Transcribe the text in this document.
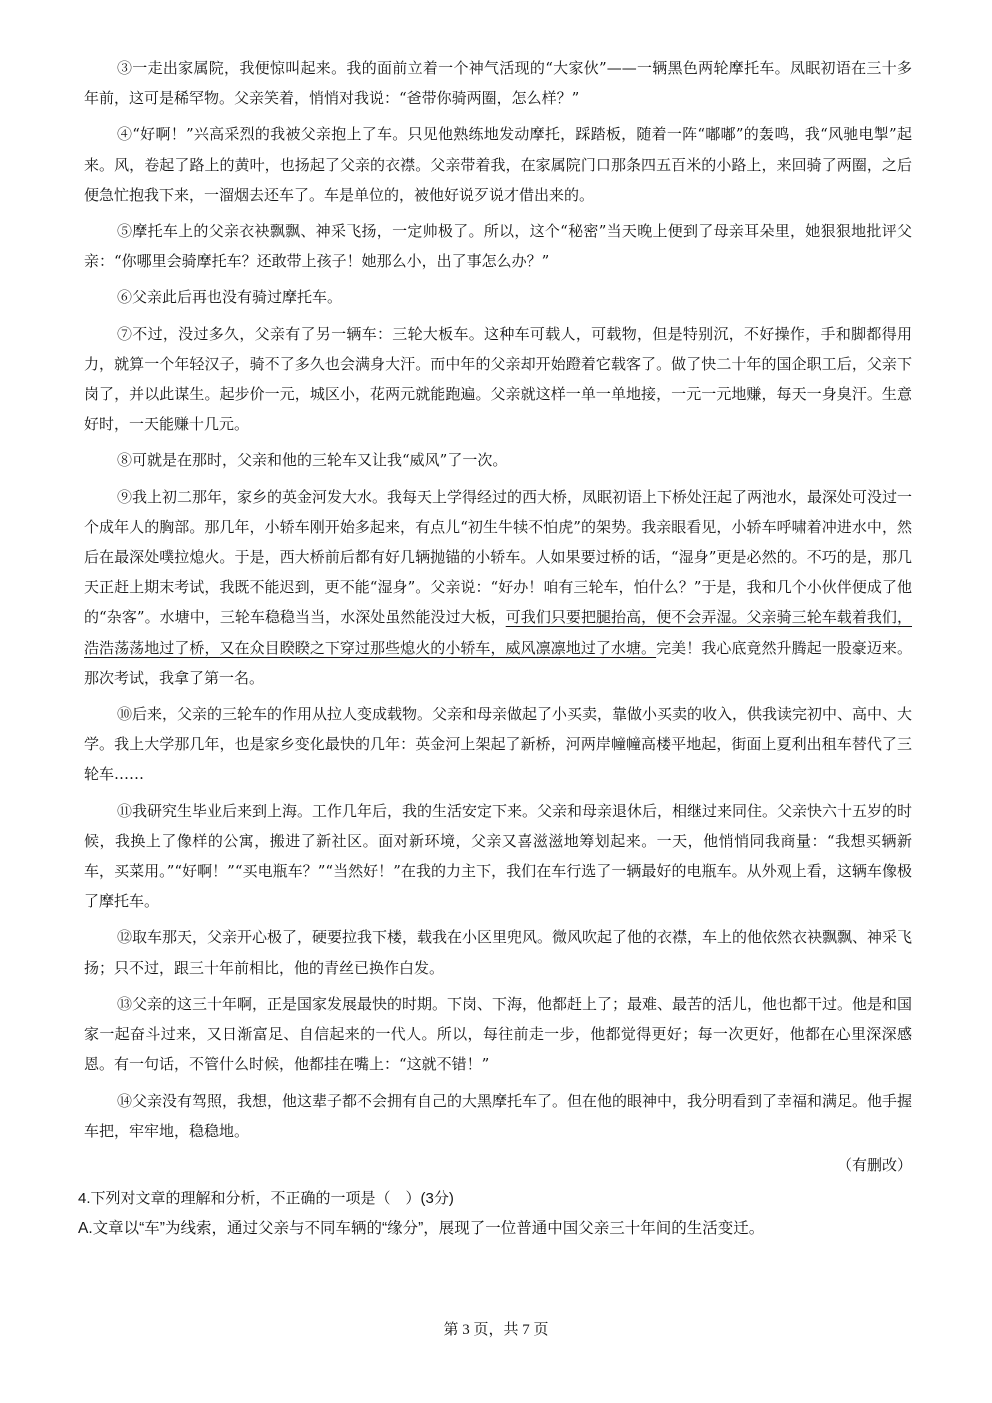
③一走出家属院，我便惊叫起来。我的面前立着一个神气活现的“大家伙”——一辆黑色两轮摩托车。凤眠初语在三十多年前，这可是稀罕物。父亲笑着，悄悄对我说：“爸带你骑两圈，怎么样？”

④“好啊！”兴高采烈的我被父亲抱上了车。只见他熟练地发动摩托，踩踏板，随着一阵“嘟嘟”的轰鸣，我“风驰电掣”起来。风，卷起了路上的黄叶，也扬起了父亲的衣襟。父亲带着我，在家属院门口那条四五百米的小路上，来回骑了两圈，之后便急忙抱我下来，一溜烟去还车了。车是单位的，被他好说歹说才借出来的。

⑤摩托车上的父亲衣袂飘飘、神采飞扬，一定帅极了。所以，这个“秘密”当天晚上便到了母亲耳朵里，她狠狠地批评父亲：“你哪里会骑摩托车？还敢带上孩子！她那么小，出了事怎么办？”

⑥父亲此后再也没有骑过摩托车。

⑦不过，没过多久，父亲有了另一辆车：三轮大板车。这种车可载人，可载物，但是特别沉，不好操作，手和脚都得用力，就算一个年轻汉子，骑不了多久也会满身大汗。而中年的父亲却开始蹬着它载客了。做了快二十年的国企职工后，父亲下岗了，并以此谋生。起步价一元，城区小，花两元就能跑遍。父亲就这样一单一单地接，一元一元地赚，每天一身臭汗。生意好时，一天能赚十几元。

⑧可就是在那时，父亲和他的三轮车又让我“威风”了一次。

⑨我上初二那年，家乡的英金河发大水。我每天上学得经过的西大桥，凤眠初语上下桥处汪起了两池水，最深处可没过一个成年人的胸部。那几年，小轿车刚开始多起来，有点儿“初生牛犊不怕虎”的架势。我亲眼看见，小轿车呼啸着冲进水中，然后在最深处噗拉熄火。于是，西大桥前后都有好几辆抛锚的小轿车。人如果要过桥的话，“湿身”更是必然的。不巧的是，那几天正赶上期末考试，我既不能迟到，更不能“湿身”。父亲说：“好办！咱有三轮车，怕什么？”于是，我和几个小伙伴便成了他的“杂客”。水塘中，三轮车稳稳当当，水深处虽然能没过大板，可我们只要把腿抬高，便不会弄湿。父亲骑三轮车载着我们，浩浩荡荡地过了桥，又在众目睽睽之下穿过那些熄火的小轿车，威风凛凛地过了水塘。完美！我心底竟然升腾起一股豪迈来。那次考试，我拿了第一名。

⑩后来，父亲的三轮车的作用从拉人变成载物。父亲和母亲做起了小买卖，靠做小买卖的收入，供我读完初中、高中、大学。我上大学那几年，也是家乡变化最快的几年：英金河上架起了新桥，河两岸幢幢高楼平地起，街面上夏利出租车替代了三轮车……

⑪我研究生毕业后来到上海。工作几年后，我的生活安定下来。父亲和母亲退休后，相继过来同住。父亲快六十五岁的时候，我换上了像样的公寓，搬进了新社区。面对新环境，父亲又喜滋滋地筹划起来。一天，他悄悄同我商量：“我想买辆新车，买菜用。”“好啊！”“买电瓶车？”“当然好！”在我的力主下，我们在车行选了一辆最好的电瓶车。从外观上看，这辆车像极了摩托车。

⑫取车那天，父亲开心极了，硬要拉我下楼，载我在小区里兜风。微风吹起了他的衣襟，车上的他依然衣袂飘飘、神采飞扬；只不过，跟三十年前相比，他的青丝已换作白发。

⑬父亲的这三十年啊，正是国家发展最快的时期。下岗、下海，他都赶上了；最难、最苦的活儿，他也都干过。他是和国家一起奋斗过来，又日渐富足、自信起来的一代人。所以，每往前走一步，他都觉得更好；每一次更好，他都在心里深深感恩。有一句话，不管什么时候，他都挂在嘴上：“这就不错！”

⑭父亲没有驾照，我想，他这辈子都不会拥有自己的大黑摩托车了。但在他的眼神中，我分明看到了幸福和满足。他手握车把，牢牢地，稳稳地。

（有删改）
4.下列对文章的理解和分析，不正确的一项是（　）(3分)
A.文章以“车”为线索，通过父亲与不同车辆的“缘分”，展现了一位普通中国父亲三十年间的生活变迁。
第 3 页，共 7 页
